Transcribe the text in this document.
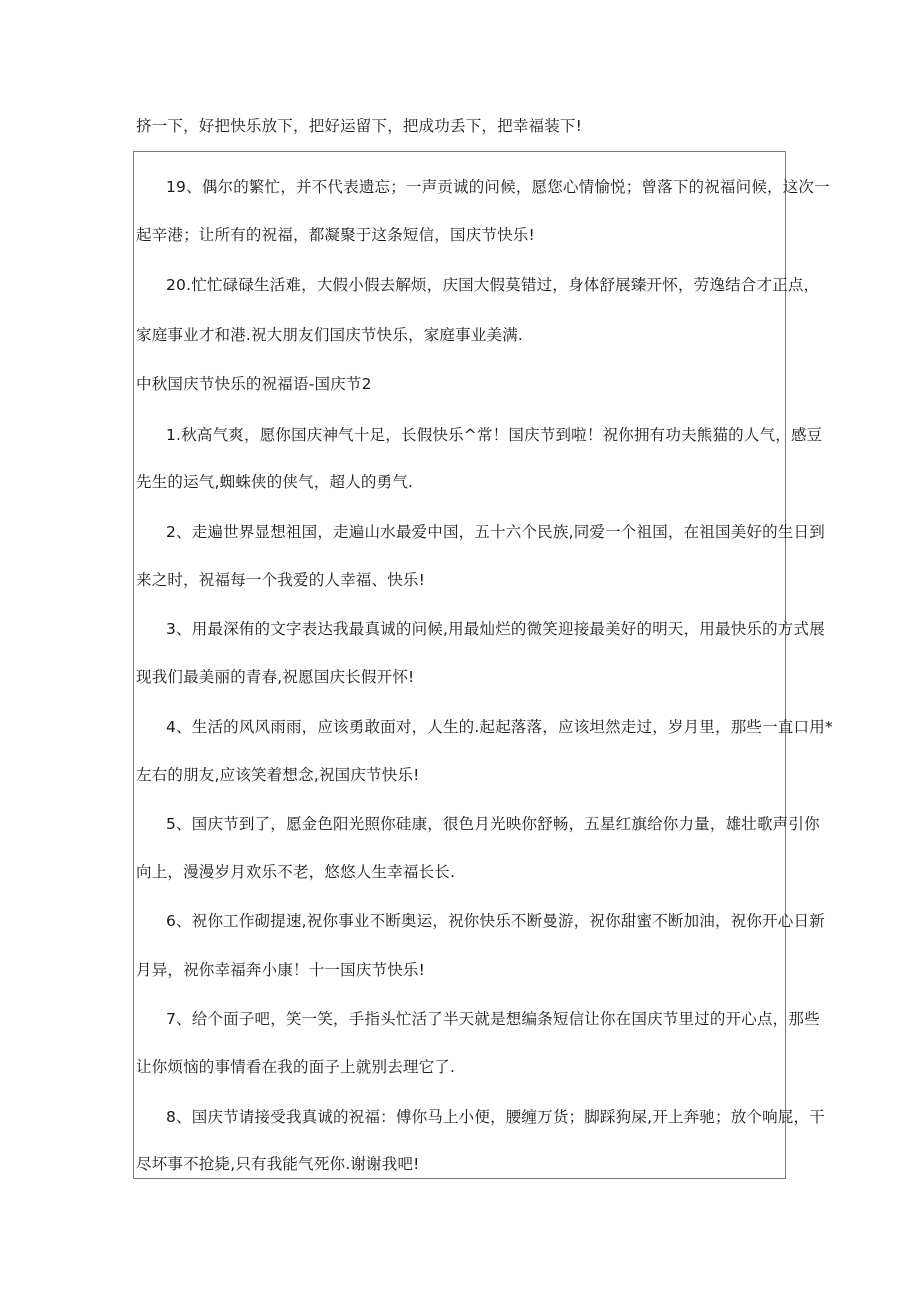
挤一下，好把快乐放下，把好运留下，把成功丢下，把幸福装下!
19、偶尔的繁忙，并不代表遗忘；一声贡诚的问候，愿您心情愉悦；曾落下的祝福问候，这次一
起辛港；让所有的祝福，都凝聚于这条短信，国庆节快乐!
20.忙忙碌碌生活难，大假小假去解烦，庆国大假莫错过，身体舒展臻开怀，劳逸结合才正点，
家庭事业才和港.祝大朋友们国庆节快乐，家庭事业美满.
中秋国庆节快乐的祝福语-国庆节2
1.秋高气爽，愿你国庆神气十足，长假快乐^常！国庆节到啦！祝你拥有功夫熊猫的人气，感豆
先生的运气,蜘蛛侠的侠气，超人的勇气.
2、走遍世界显想祖国，走遍山水最爱中国，五十六个民族,同爱一个祖国，在祖国美好的生日到
来之时，祝福每一个我爱的人幸福、快乐!
3、用最深侑的文字表达我最真诚的问候,用最灿烂的微笑迎接最美好的明天，用最快乐的方式展
现我们最美丽的青春,祝愿国庆长假开怀!
4、生活的风风雨雨，应该勇敢面对，人生的.起起落落，应该坦然走过，岁月里，那些一直口用*
左右的朋友,应该笑着想念,祝国庆节快乐!
5、国庆节到了，愿金色阳光照你硅康，很色月光映你舒畅，五星红旗给你力量，雄壮歌声引你
向上，漫漫岁月欢乐不老，悠悠人生幸福长长.
6、祝你工作砌提速,祝你事业不断奥运，祝你快乐不断曼游，祝你甜蜜不断加油，祝你开心日新
月异，祝你幸福奔小康！十一国庆节快乐!
7、给个面子吧，笑一笑，手指头忙活了半天就是想编条短信让你在国庆节里过的开心点，那些
让你烦恼的事情看在我的面子上就别去理它了.
8、国庆节请接受我真诚的祝福：傅你马上小便，腰缠万货；脚踩狗屎,开上奔驰；放个响屁，干
尽坏事不抢毙,只有我能气死你.谢谢我吧!
